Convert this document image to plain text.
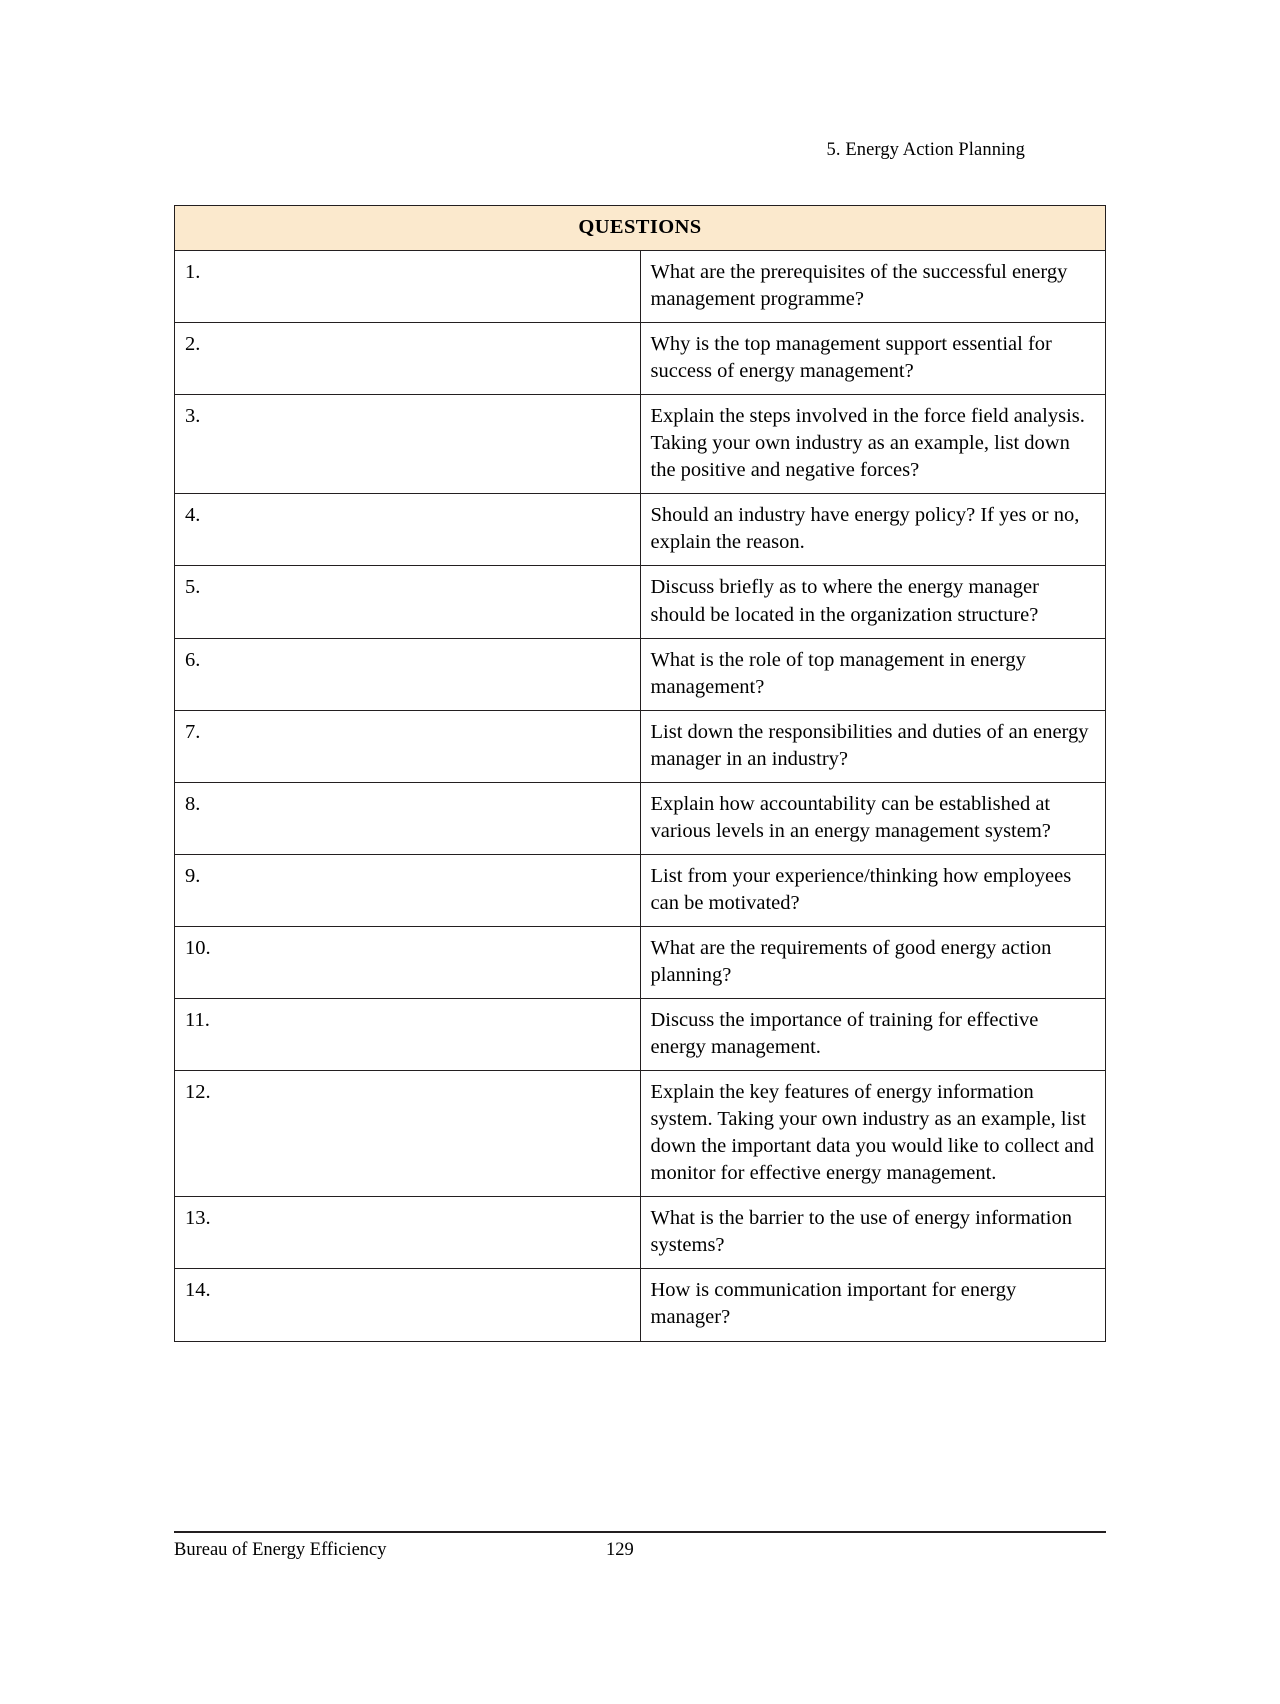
5. Energy Action Planning
QUESTIONS	
1.	What are the prerequisites of the successful energy management programme?
2.	Why is the top management support essential for success of energy management?
3.	Explain the steps involved in the force field analysis. Taking your own industry as an example, list down the positive and negative forces?
4.	Should an industry have energy policy? If yes or no, explain the reason.
5.	Discuss briefly as to where the energy manager should be located in the organization structure?
6.	What is the role of top management in energy management?
7.	List down the responsibilities and duties of an energy manager in an industry?
8.	Explain how accountability can be established at various levels in an energy management system?
9.	List from your experience/thinking how employees can be motivated?
10.	What are the requirements of good energy action planning?
11.	Discuss the importance of training for effective energy management.
12.	Explain the key features of energy information system. Taking your own industry as an example, list down the important data you would like to collect and monitor for effective energy management.
13.	What is the barrier to the use of energy information systems?
14.	How is communication important for energy manager?
Bureau of Energy Efficiency	129
